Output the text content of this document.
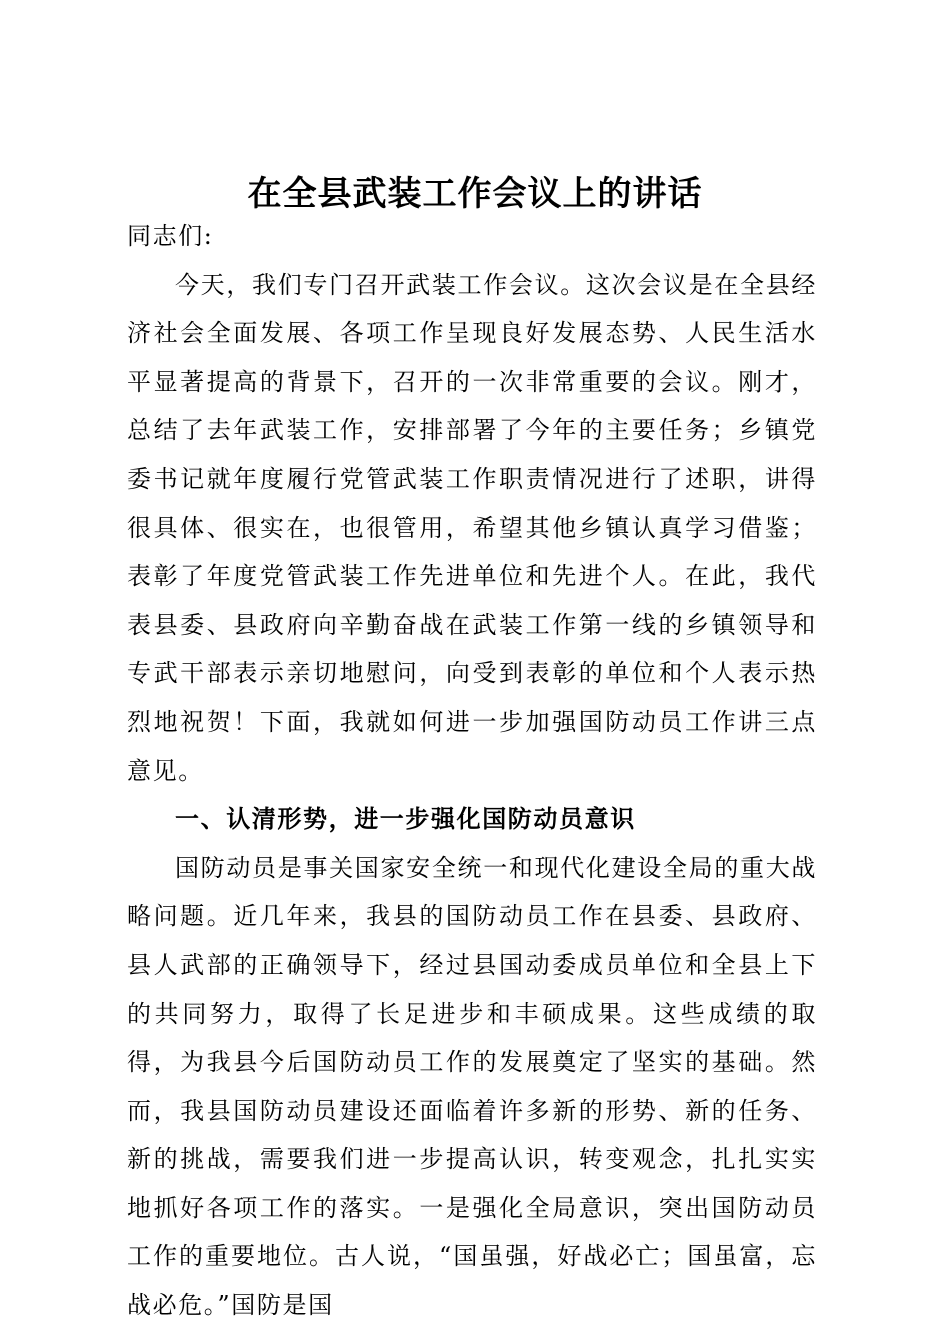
在全县武装工作会议上的讲话

同志们:

今天，我们专门召开武装工作会议。这次会议是在全县经济社会全面发展、各项工作呈现良好发展态势、人民生活水平显著提高的背景下，召开的一次非常重要的会议。刚才，总结了去年武装工作，安排部署了今年的主要任务；乡镇党委书记就年度履行党管武装工作职责情况进行了述职，讲得很具体、很实在，也很管用，希望其他乡镇认真学习借鉴；表彰了年度党管武装工作先进单位和先进个人。在此，我代表县委、县政府向辛勤奋战在武装工作第一线的乡镇领导和专武干部表示亲切地慰问，向受到表彰的单位和个人表示热烈地祝贺！下面，我就如何进一步加强国防动员工作讲三点意见。

一、认清形势，进一步强化国防动员意识

国防动员是事关国家安全统一和现代化建设全局的重大战略问题。近几年来，我县的国防动员工作在县委、县政府、县人武部的正确领导下，经过县国动委成员单位和全县上下的共同努力，取得了长足进步和丰硕成果。这些成绩的取得，为我县今后国防动员工作的发展奠定了坚实的基础。然而，我县国防动员建设还面临着许多新的形势、新的任务、新的挑战，需要我们进一步提高认识，转变观念，扎扎实实地抓好各项工作的落实。一是强化全局意识，突出国防动员工作的重要地位。古人说，“国虽强，好战必亡；国虽富，忘战必危。”国防是国
